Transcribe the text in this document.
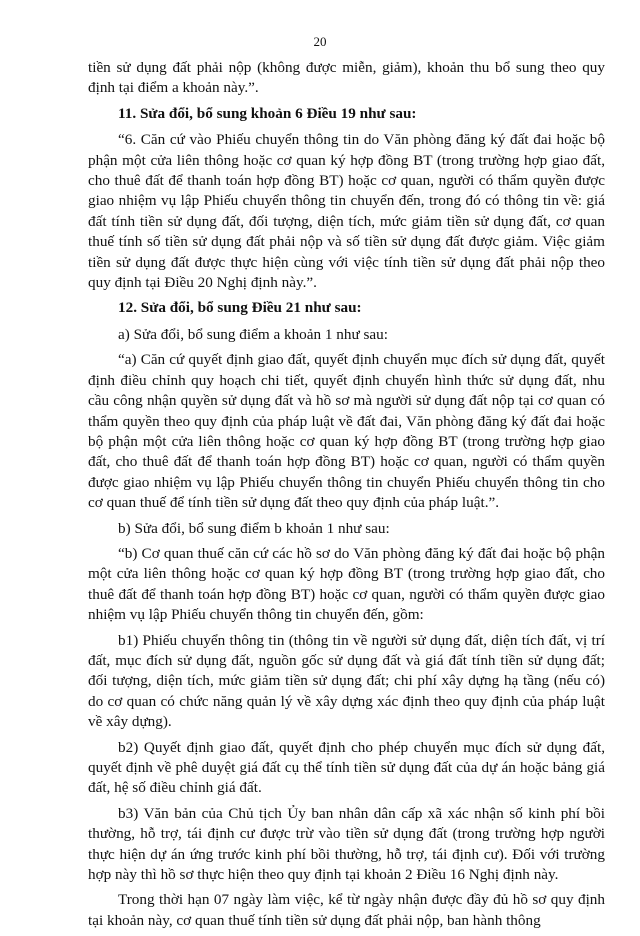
20

tiền sử dụng đất phải nộp (không được miễn, giảm), khoản thu bổ sung theo quy định tại điểm a khoản này.”.

11. Sửa đổi, bổ sung khoản 6 Điều 19 như sau:

“6. Căn cứ vào Phiếu chuyển thông tin do Văn phòng đăng ký đất đai hoặc bộ phận một cửa liên thông hoặc cơ quan ký hợp đồng BT (trong trường hợp giao đất, cho thuê đất để thanh toán hợp đồng BT) hoặc cơ quan, người có thẩm quyền được giao nhiệm vụ lập Phiếu chuyển thông tin chuyển đến, trong đó có thông tin về: giá đất tính tiền sử dụng đất, đối tượng, diện tích, mức giảm tiền sử dụng đất, cơ quan thuế tính số tiền sử dụng đất phải nộp và số tiền sử dụng đất được giảm. Việc giảm tiền sử dụng đất được thực hiện cùng với việc tính tiền sử dụng đất phải nộp theo quy định tại Điều 20 Nghị định này.”.

12. Sửa đổi, bổ sung Điều 21 như sau:

a) Sửa đổi, bổ sung điểm a khoản 1 như sau:

“a) Căn cứ quyết định giao đất, quyết định chuyển mục đích sử dụng đất, quyết định điều chỉnh quy hoạch chi tiết, quyết định chuyển hình thức sử dụng đất, nhu cầu công nhận quyền sử dụng đất và hồ sơ mà người sử dụng đất nộp tại cơ quan có thẩm quyền theo quy định của pháp luật về đất đai, Văn phòng đăng ký đất đai hoặc bộ phận một cửa liên thông hoặc cơ quan ký hợp đồng BT (trong trường hợp giao đất, cho thuê đất để thanh toán hợp đồng BT) hoặc cơ quan, người có thẩm quyền được giao nhiệm vụ lập Phiếu chuyển thông tin chuyển Phiếu chuyển thông tin cho cơ quan thuế để tính tiền sử dụng đất theo quy định của pháp luật.”.

b) Sửa đổi, bổ sung điểm b khoản 1 như sau:

“b) Cơ quan thuế căn cứ các hồ sơ do Văn phòng đăng ký đất đai hoặc bộ phận một cửa liên thông hoặc cơ quan ký hợp đồng BT (trong trường hợp giao đất, cho thuê đất để thanh toán hợp đồng BT) hoặc cơ quan, người có thẩm quyền được giao nhiệm vụ lập Phiếu chuyển thông tin chuyển đến, gồm:

b1) Phiếu chuyển thông tin (thông tin về người sử dụng đất, diện tích đất, vị trí đất, mục đích sử dụng đất, nguồn gốc sử dụng đất và giá đất tính tiền sử dụng đất; đối tượng, diện tích, mức giảm tiền sử dụng đất; chi phí xây dựng hạ tầng (nếu có) do cơ quan có chức năng quản lý về xây dựng xác định theo quy định của pháp luật về xây dựng).

b2) Quyết định giao đất, quyết định cho phép chuyển mục đích sử dụng đất, quyết định về phê duyệt giá đất cụ thể tính tiền sử dụng đất của dự án hoặc bảng giá đất, hệ số điều chỉnh giá đất.

b3) Văn bản của Chủ tịch Ủy ban nhân dân cấp xã xác nhận số kinh phí bồi thường, hỗ trợ, tái định cư được trừ vào tiền sử dụng đất (trong trường hợp người thực hiện dự án ứng trước kinh phí bồi thường, hỗ trợ, tái định cư). Đối với trường hợp này thì hồ sơ thực hiện theo quy định tại khoản 2 Điều 16 Nghị định này.

Trong thời hạn 07 ngày làm việc, kể từ ngày nhận được đầy đủ hồ sơ quy định tại khoản này, cơ quan thuế tính tiền sử dụng đất phải nộp, ban hành thông
